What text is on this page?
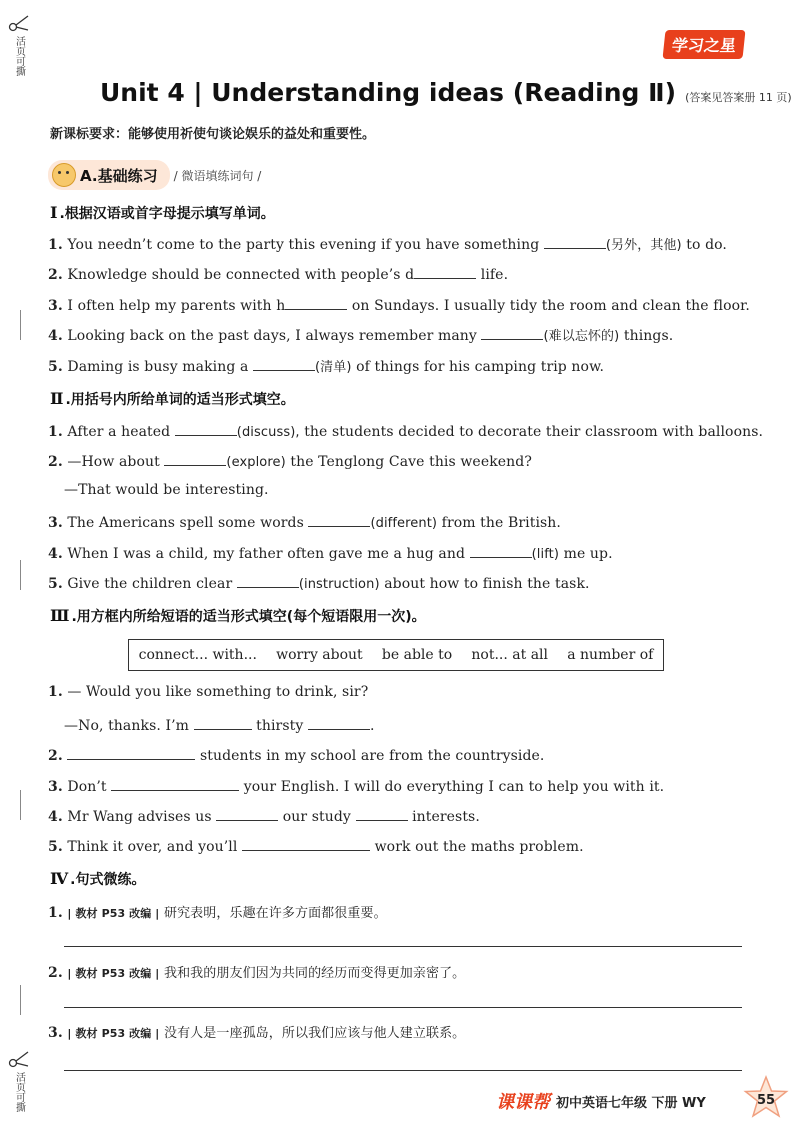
活页可撕
活页可撕
学习之星
Unit 4 | Understanding ideas (Reading Ⅱ) (答案见答案册 11 页)
新课标要求：能够使用祈使句谈论娱乐的益处和重要性。
A.基础练习 / 微语填练词句 /
Ⅰ .根据汉语或首字母提示填写单词。
1. You needn’t come to the party this evening if you have something	(另外，其他) to do.
2. Knowledge should be connected with people’s d	life.
3. I often help my parents with h	on Sundays. I usually tidy the room and clean the floor.
4. Looking back on the past days, I always remember many	(难以忘怀的) things.
5. Daming is busy making a	(清单) of things for his camping trip now.
Ⅱ .用括号内所给单词的适当形式填空。
1. After a heated	(discuss), the students decided to decorate their classroom with balloons.
2. —How about	(explore) the Tenglong Cave this weekend?
—That would be interesting.
3. The Americans spell some words	(different) from the British.
4. When I was a child, my father often gave me a hug and	(lift) me up.
5. Give the children clear	(instruction) about how to finish the task.
Ⅲ .用方框内所给短语的适当形式填空(每个短语限用一次)。
connect... with... worry about be able to not... at all a number of
1. — Would you like something to drink, sir?
—No, thanks. I’m	thirsty	.
2.	students in my school are from the countryside.
3. Don’t	your English. I will do everything I can to help you with it.
4. Mr Wang advises us	our study	interests.
5. Think it over, and you’ll	work out the maths problem.
Ⅳ .句式微练。
1. | 教材 P53 改编 | 研究表明，乐趣在许多方面都很重要。
2. | 教材 P53 改编 | 我和我的朋友们因为共同的经历而变得更加亲密了。
3. | 教材 P53 改编 | 没有人是一座孤岛，所以我们应该与他人建立联系。
课课帮 初中英语七年级 下册 WY	55
